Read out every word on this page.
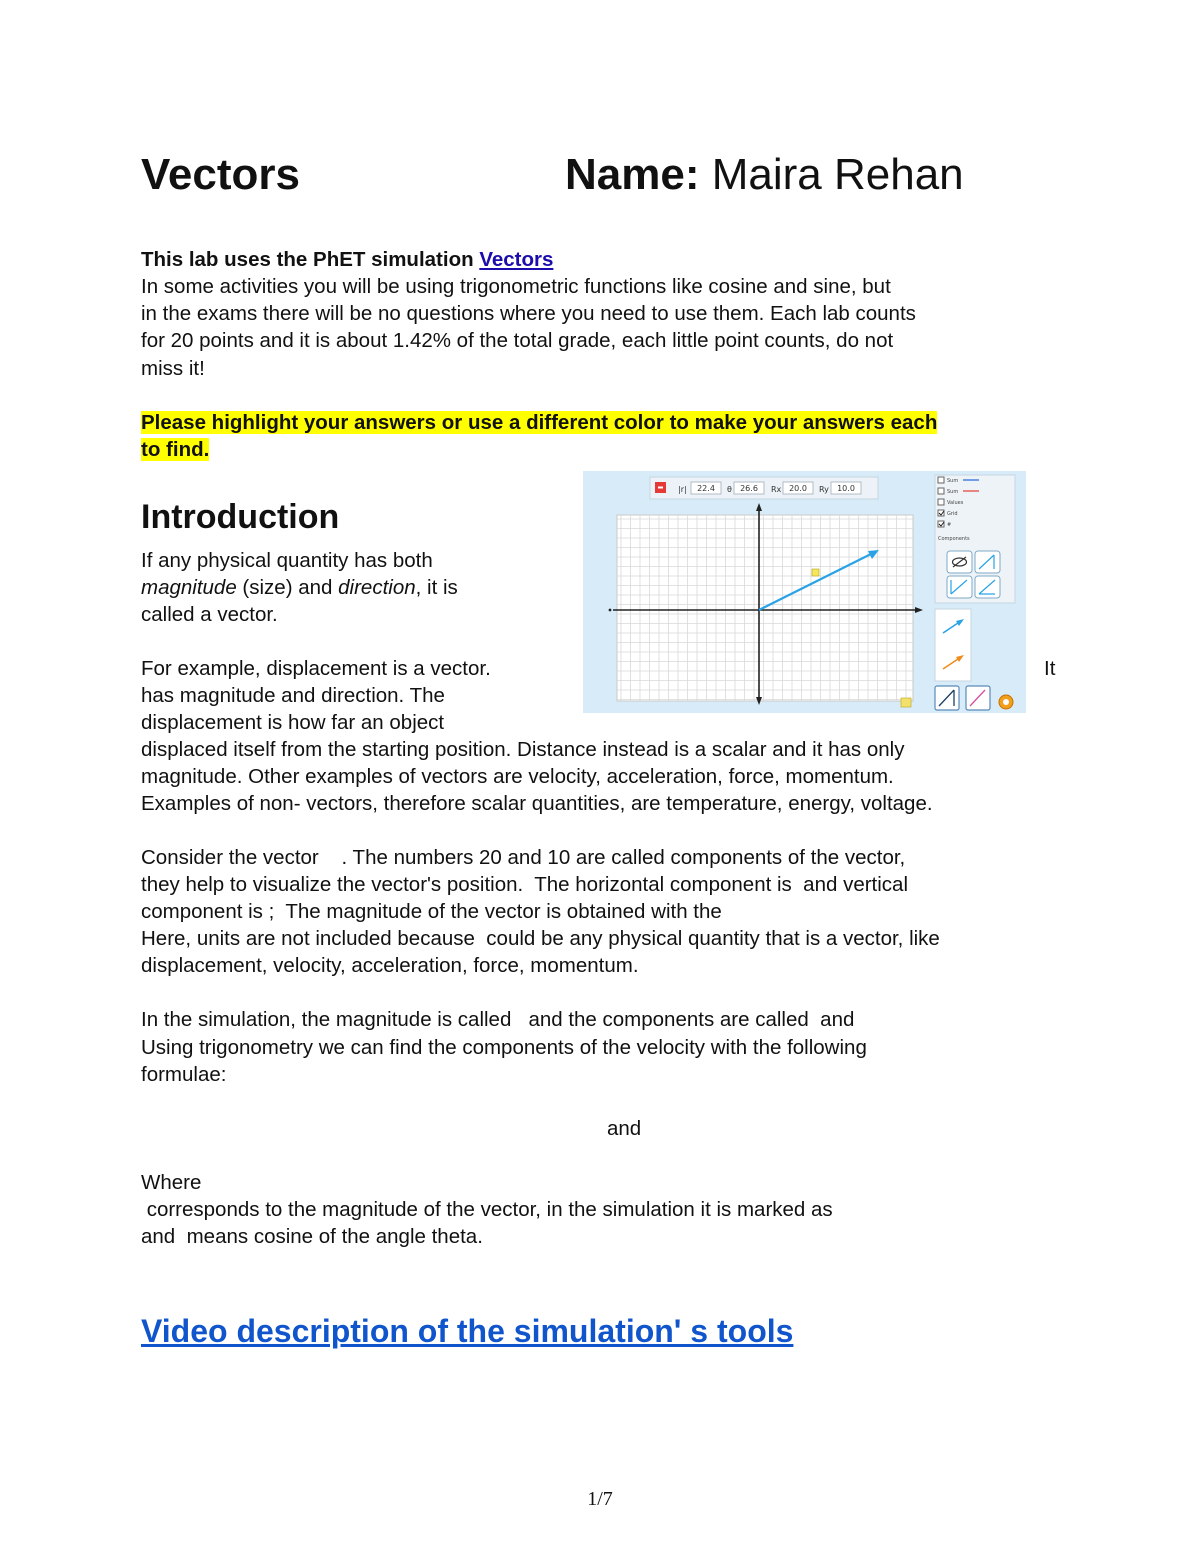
Vectors	Name: Maira Rehan
This lab uses the PhET simulation Vectors
In some activities you will be using trigonometric functions like cosine and sine, but
in the exams there will be no questions where you need to use them. Each lab counts
for 20 points and it is about 1.42% of the total grade, each little point counts, do not
miss it!
Please highlight your answers or use a different color to make your answers each
to find.
Introduction
If any physical quantity has both
magnitude (size) and direction, it is
called a vector.
For example, displacement is a vector.	It
has magnitude and direction. The
displacement is how far an object
displaced itself from the starting position. Distance instead is a scalar and it has only
magnitude. Other examples of vectors are velocity, acceleration, force, momentum.
Examples of non- vectors, therefore scalar quantities, are temperature, energy, voltage.
Consider the vector    . The numbers 20 and 10 are called components of the vector,
they help to visualize the vector's position.  The horizontal component is  and vertical
component is ;  The magnitude of the vector is obtained with the
Here, units are not included because  could be any physical quantity that is a vector, like
displacement, velocity, acceleration, force, momentum.
In the simulation, the magnitude is called   and the components are called  and
Using trigonometry we can find the components of the velocity with the following
formulae:
and
Where
corresponds to the magnitude of the vector, in the simulation it is marked as
and  means cosine of the angle theta.
Video description of the simulation' s tools
1/7
|r| 22.4 θ 26.6 Rx 20.0 Ry 10.0
Sum
Sum
Values
Grid
#
Components
